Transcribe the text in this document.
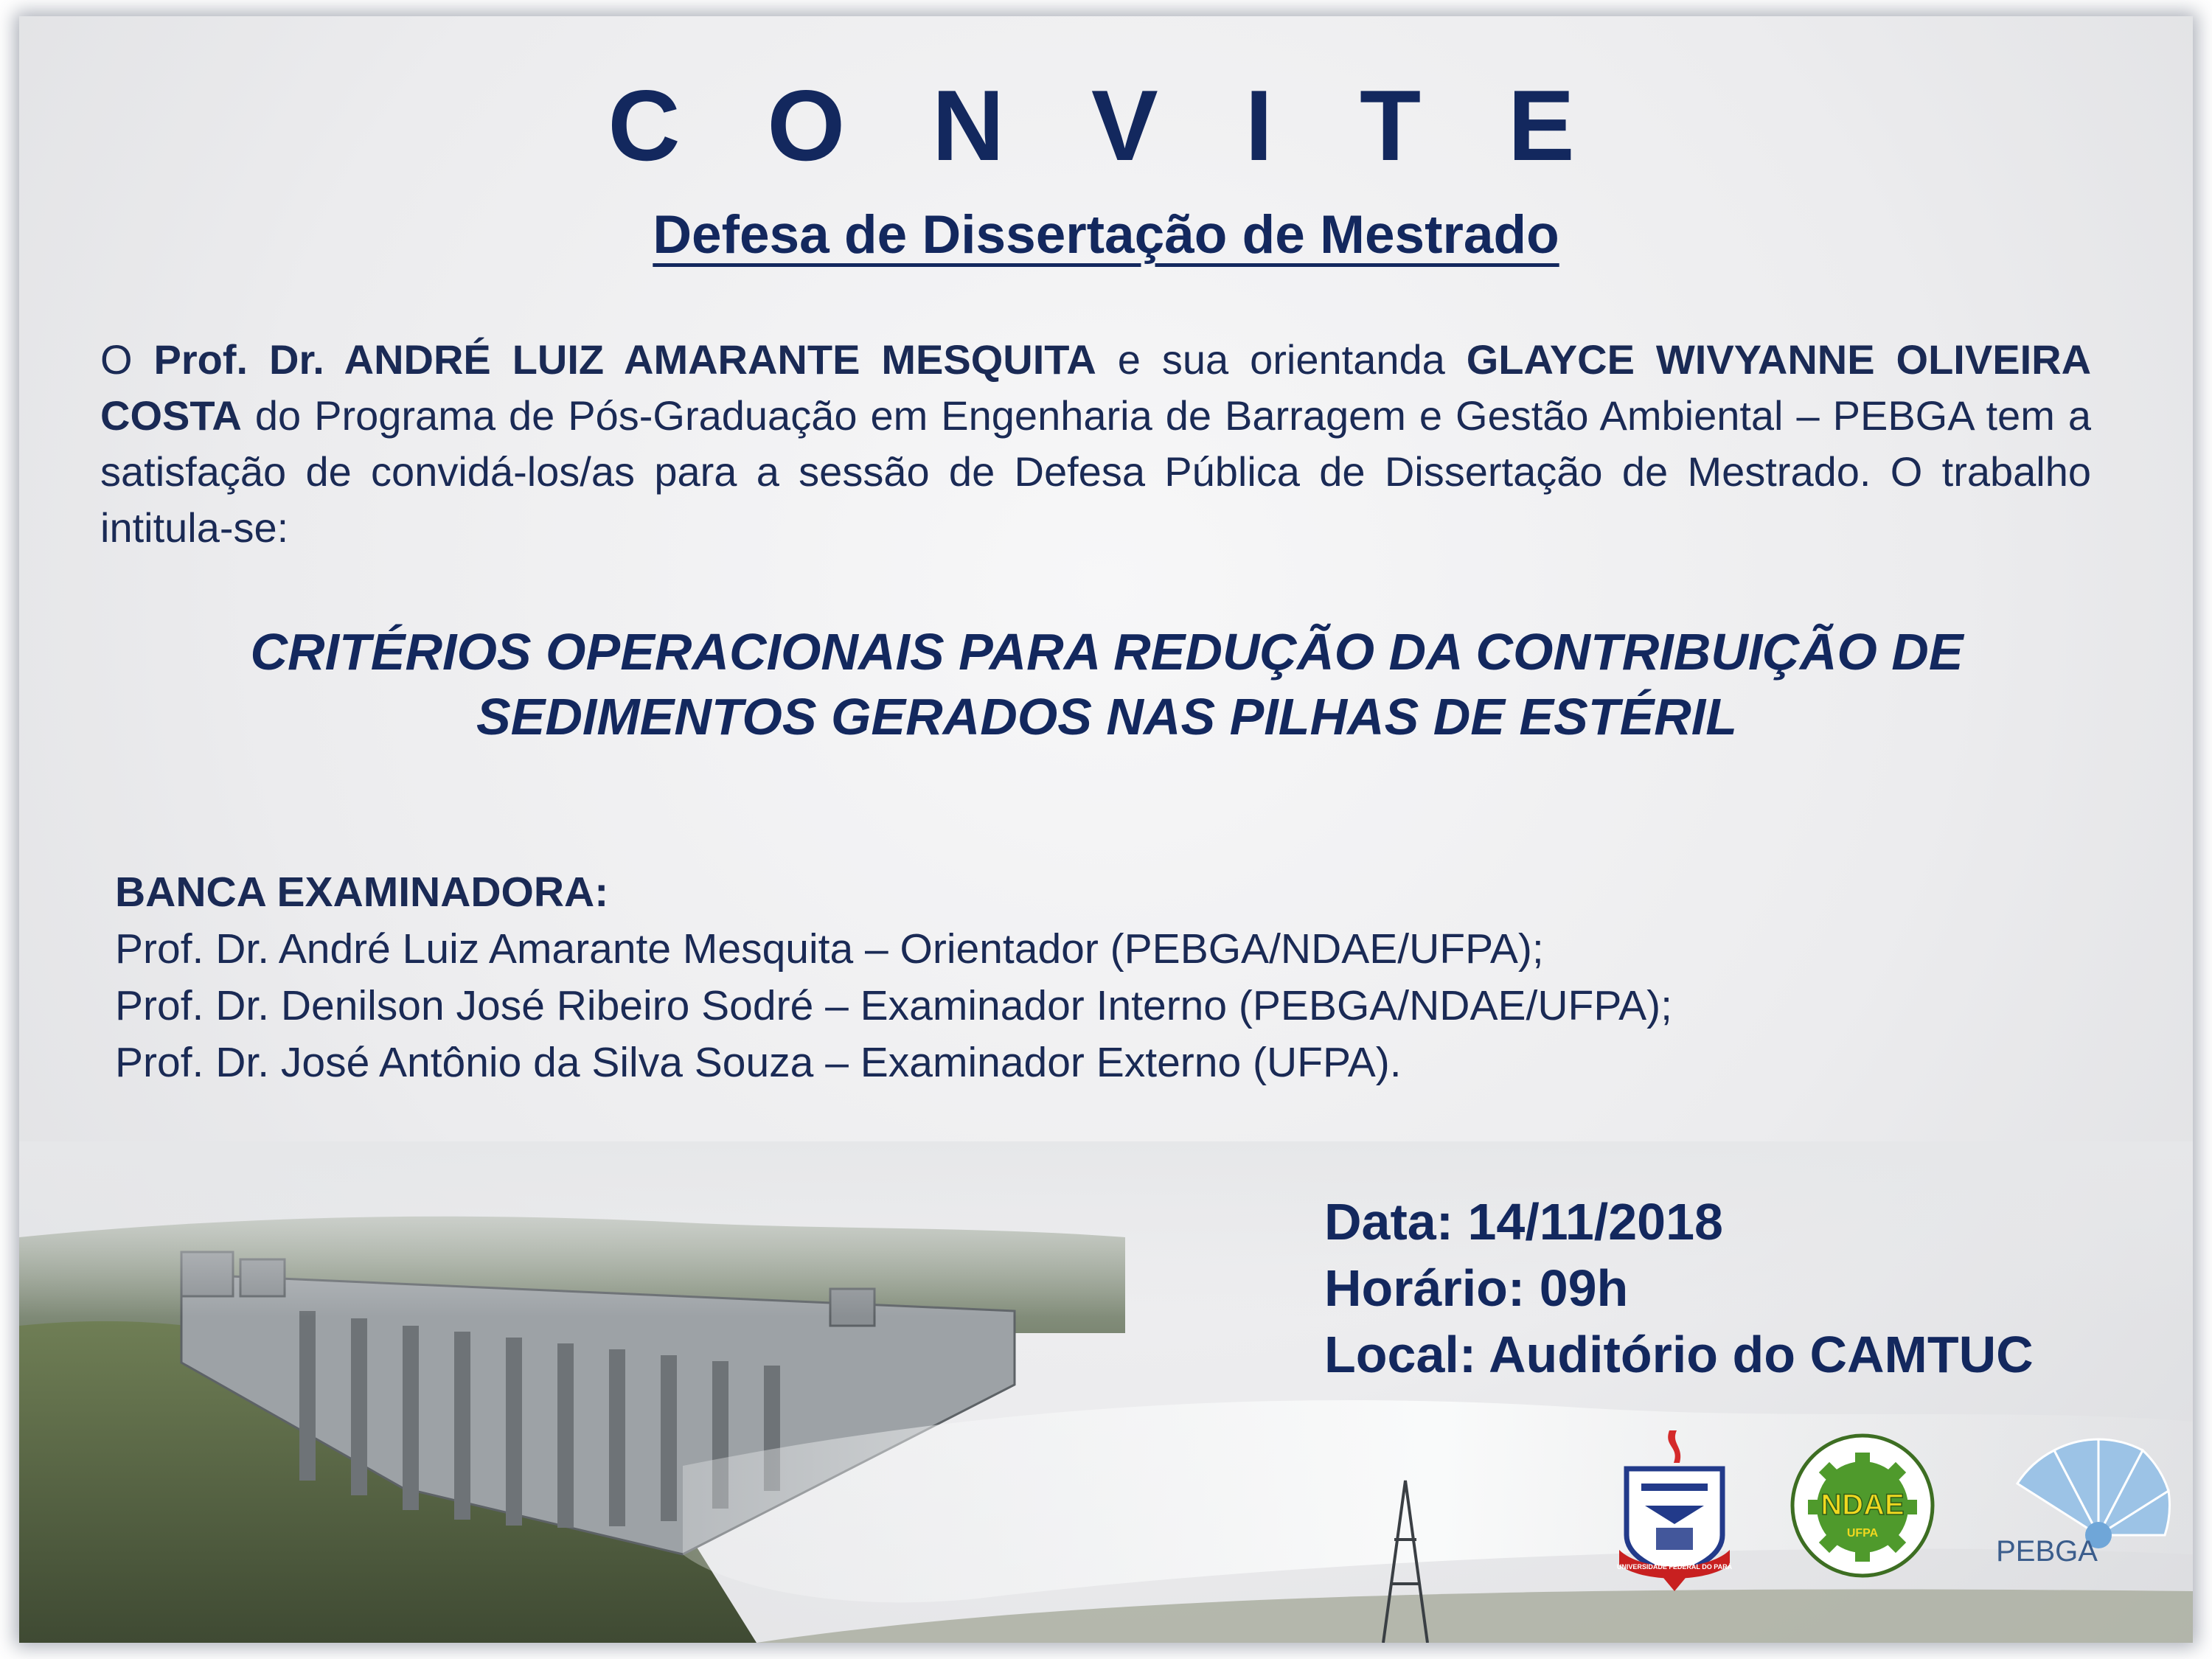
C O N V I T E
Defesa de Dissertação de Mestrado

O Prof. Dr. ANDRÉ LUIZ AMARANTE MESQUITA e sua orientanda GLAYCE WIVYANNE OLIVEIRA COSTA do Programa de Pós-Graduação em Engenharia de Barragem e Gestão Ambiental – PEBGA tem a satisfação de convidá-los/as para a sessão de Defesa Pública de Dissertação de Mestrado. O trabalho intitula-se:

CRITÉRIOS OPERACIONAIS PARA REDUÇÃO DA CONTRIBUIÇÃO DE
SEDIMENTOS GERADOS NAS PILHAS DE ESTÉRIL

BANCA EXAMINADORA:
Prof. Dr. André Luiz Amarante Mesquita – Orientador (PEBGA/NDAE/UFPA);
Prof. Dr. Denilson José Ribeiro Sodré – Examinador Interno (PEBGA/NDAE/UFPA);
Prof. Dr. José Antônio da Silva Souza – Examinador Externo (UFPA).
Data: 14/11/2018
Horário: 09h
Local: Auditório do CAMTUC
UNIVERSIDADE FEDERAL DO PARÁ
NDAE
UFPA
PEBGA
